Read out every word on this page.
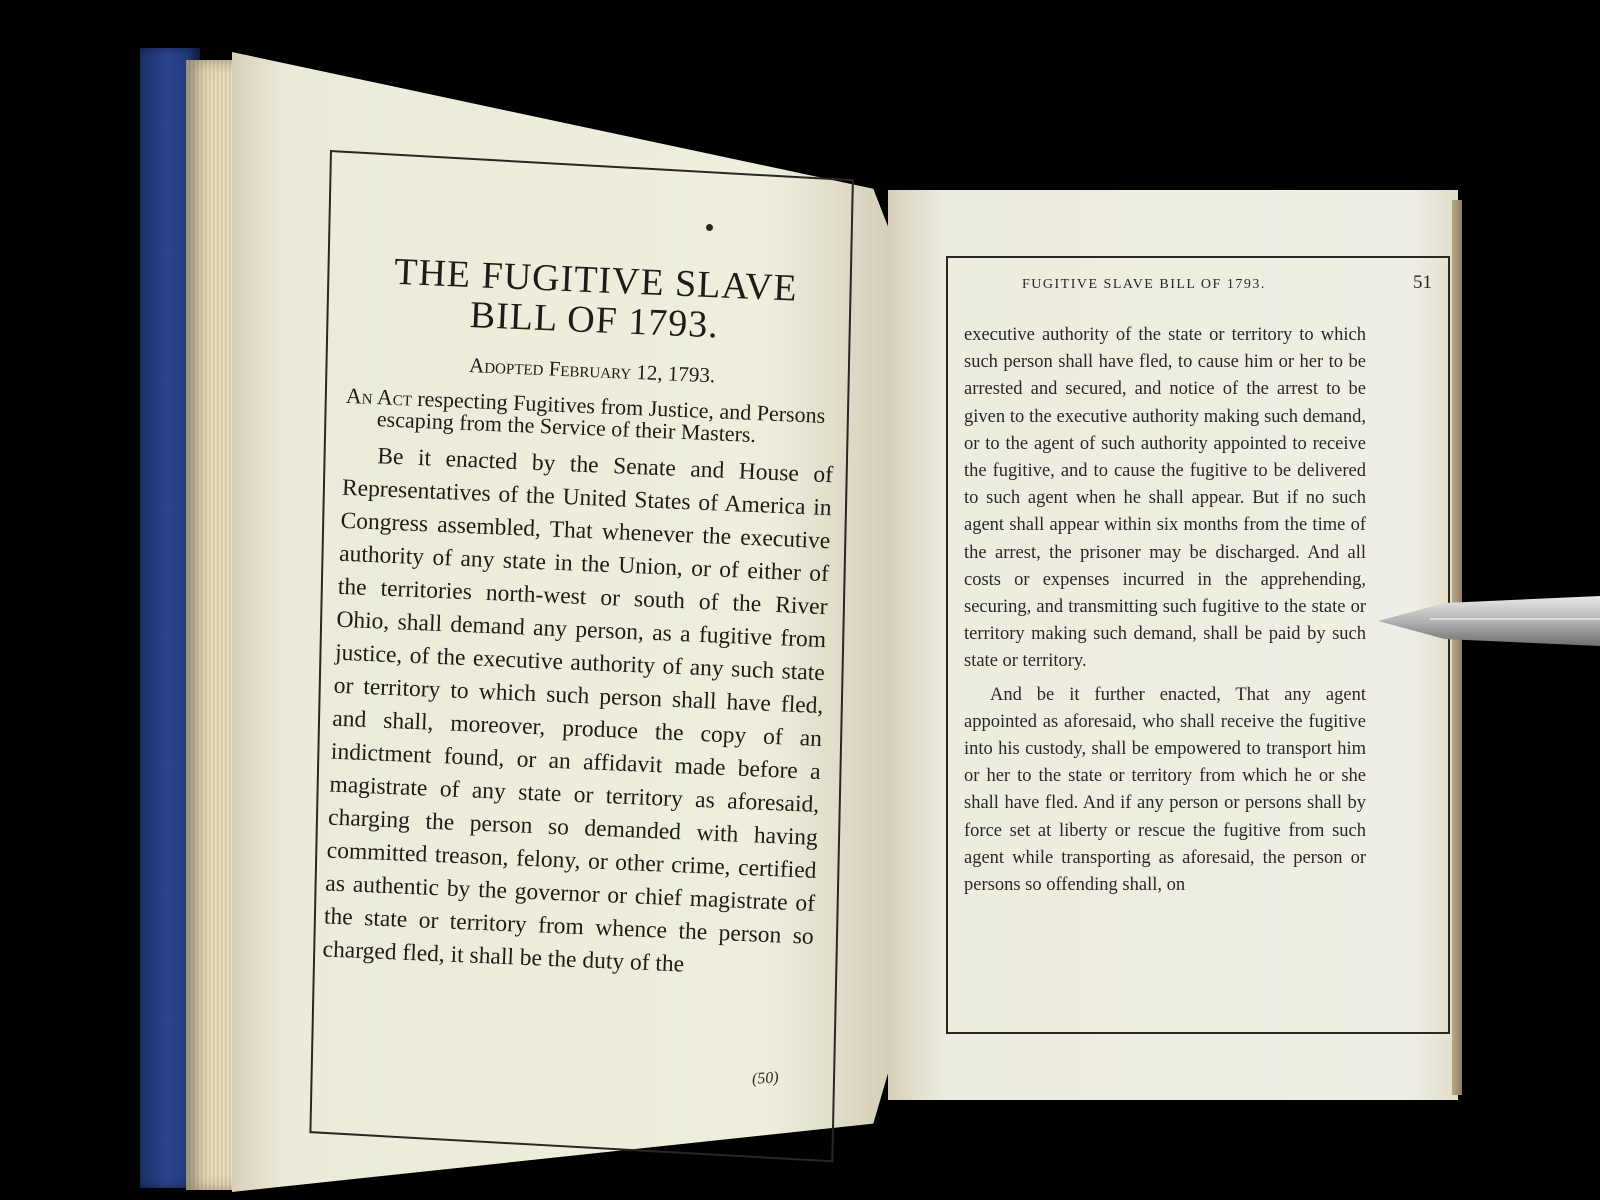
THE FUGITIVE SLAVE BILL OF 1793.

Adopted February 12, 1793.

An Act respecting Fugitives from Justice, and Persons escaping from the Service of their Masters.

Be it enacted by the Senate and House of Representatives of the United States of America in Congress assembled, That whenever the executive authority of any state in the Union, or of either of the territories north-west or south of the River Ohio, shall demand any person, as a fugitive from justice, of the executive authority of any such state or territory to which such person shall have fled, and shall, moreover, produce the copy of an indictment found, or an affidavit made before a magistrate of any state or territory as aforesaid, charging the person so demanded with having committed treason, felony, or other crime, certified as authentic by the governor or chief magistrate of the state or territory from whence the person so charged fled, it shall be the duty of the

(50)
FUGITIVE SLAVE BILL OF 1793.	51

executive authority of the state or territory to which such person shall have fled, to cause him or her to be arrested and secured, and notice of the arrest to be given to the executive authority making such demand, or to the agent of such authority appointed to receive the fugitive, and to cause the fugitive to be delivered to such agent when he shall appear. But if no such agent shall appear within six months from the time of the arrest, the prisoner may be discharged. And all costs or expenses incurred in the apprehending, securing, and transmitting such fugitive to the state or territory making such demand, shall be paid by such state or territory.

And be it further enacted, That any agent appointed as aforesaid, who shall receive the fugitive into his custody, shall be empowered to transport him or her to the state or territory from which he or she shall have fled. And if any person or persons shall by force set at liberty or rescue the fugitive from such agent while transporting as aforesaid, the person or persons so offending shall, on
